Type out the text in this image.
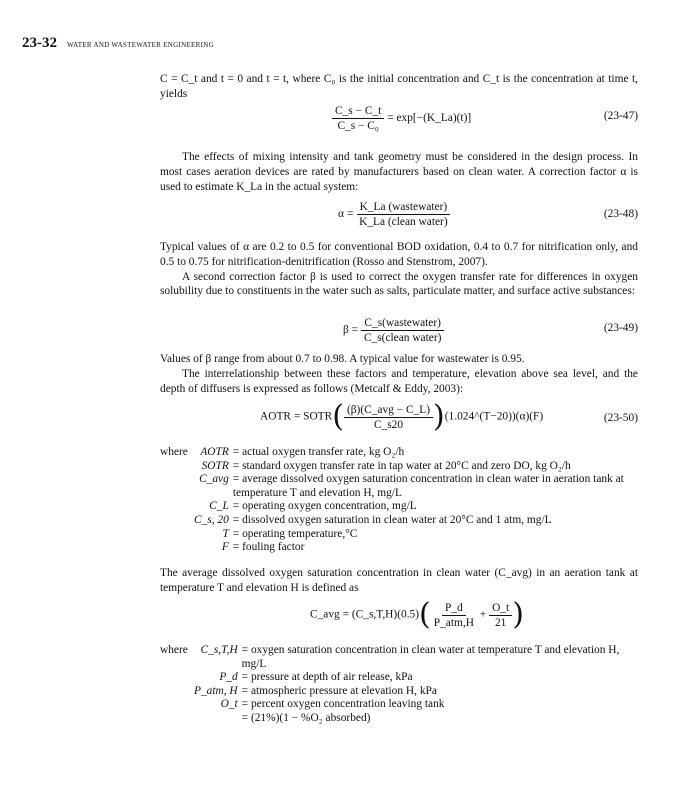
23-32 WATER AND WASTEWATER ENGINEERING

C = C_t and t = 0 and t = t, where C₀ is the initial concentration and C_t is the concentration at time t, yields

$\frac{C\_s - C\_t}{\text{C\_s − C₀}}$ = exp[−(K_La)(t)]	(23-47)

The effects of mixing intensity and tank geometry must be considered in the design process. In most cases aeration devices are rated by manufacturers based on clean water. A correction factor α is used to estimate K_La in the actual system:

$\alpha = \frac{\text{K\_La (wastewater)}}{\text{K\_La (clean water)}}$	(23-48)

Typical values of α are 0.2 to 0.5 for conventional BOD oxidation, 0.4 to 0.7 for nitrification only, and 0.5 to 0.75 for nitrification-denitrification (Rosso and Stenstrom, 2007).

A second correction factor β is used to correct the oxygen transfer rate for differences in oxygen solubility due to constituents in the water such as salts, particulate matter, and surface active substances:

$\beta = \frac{\text{C\_s(wastewater)}}{\text{C\_s(clean water)}}$	(23-49)

Values of β range from about 0.7 to 0.98. A typical value for wastewater is 0.95.

The interrelationship between these factors and temperature, elevation above sea level, and the depth of diffusers is expressed as follows (Metcalf & Eddy, 2003):

AOTR = SOTR( $\frac{\text{(β)(C\_avg − C\_L)}}{C\_s20}$ )(1.024^(T−20))(α)(F)	(23-50)
where	AOTR	= actual oxygen transfer rate, kg O₂/h
	SOTR	= standard oxygen transfer rate in tap water at 20°C and zero DO, kg O₂/h
	C_avg	= average dissolved oxygen saturation concentration in clean water in aeration tank at temperature T and elevation H, mg/L
	C_L	= operating oxygen concentration, mg/L
	C_s, 20	= dissolved oxygen saturation in clean water at 20°C and 1 atm, mg/L
	T	= operating temperature,°C
	F	= fouling factor

The average dissolved oxygen saturation concentration in clean water (C_avg) in an aeration tank at temperature T and elevation H is defined as

C_avg = (C_s,T,H)(0.5)( $\frac{P\_d}{\text{P\_atm,H}} + \frac{O\_t}{21}$ )
where	C_s,T,H	= oxygen saturation concentration in clean water at temperature T and elevation H, mg/L
	P_d	= pressure at depth of air release, kPa
	P_atm, H	= atmospheric pressure at elevation H, kPa
	O_t	= percent oxygen concentration leaving tank
		= (21%)(1 − %O₂ absorbed)
